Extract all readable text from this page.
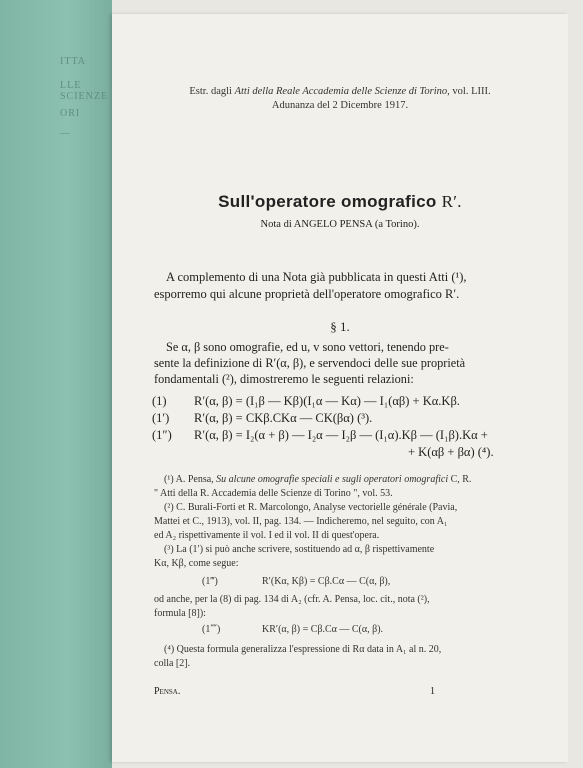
ITTA
LLE SCIENZE
ORI
—
Estr. dagli Atti della Reale Accademia delle Scienze di Torino, vol. LIII.
Adunanza del 2 Dicembre 1917.
Sull'operatore omografico R′.
Nota di ANGELO PENSA (a Torino).
A complemento di una Nota già pubblicata in questi Atti (¹),
esporremo qui alcune proprietà dell'operatore omografico R′.
§ 1.
Se α, β sono omografie, ed u, v sono vettori, tenendo pre-
sente la definizione di R′(α, β), e servendoci delle sue proprietà
fondamentali (²), dimostreremo le seguenti relazioni:
(1) R′(α, β) = (I₁β — Kβ)(I₁α — Kα) — I₁(αβ) + Kα.Kβ.
(1′) R′(α, β) = CKβ.CKα — CK(βα) (³).
(1″) R′(α, β) = I₂(α + β) — I₂α — I₂β — (I₁α).Kβ — (I₁β).Kα +
+ K(αβ + βα) (⁴).
(¹) A. Pensa, Su alcune omografie speciali e sugli operatori omografici C, R.
" Atti della R. Accademia delle Scienze di Torino ", vol. 53.
(²) C. Burali-Forti et R. Marcolongo, Analyse vectorielle générale (Pavia,
Mattei et C., 1913), vol. II, pag. 134. — Indicheremo, nel seguito, con A₁
ed A₂ rispettivamente il vol. I ed il vol. II di quest'opera.
(³) La (1′) si può anche scrivere, sostituendo ad α, β rispettivamente
Kα, Kβ, come segue:
(1‴)	R′(Kα, Kβ) = Cβ.Cα — C(α, β),
od anche, per la (8) di pag. 134 di A₂ (cfr. A. Pensa, loc. cit., nota (²),
formula [8]):
(1⁗)	KR′(α, β) = Cβ.Cα — C(α, β).
(⁴) Questa formula generalizza l'espressione di Rα data in A₁ al n. 20,
colla [2].
Pensa.	1
